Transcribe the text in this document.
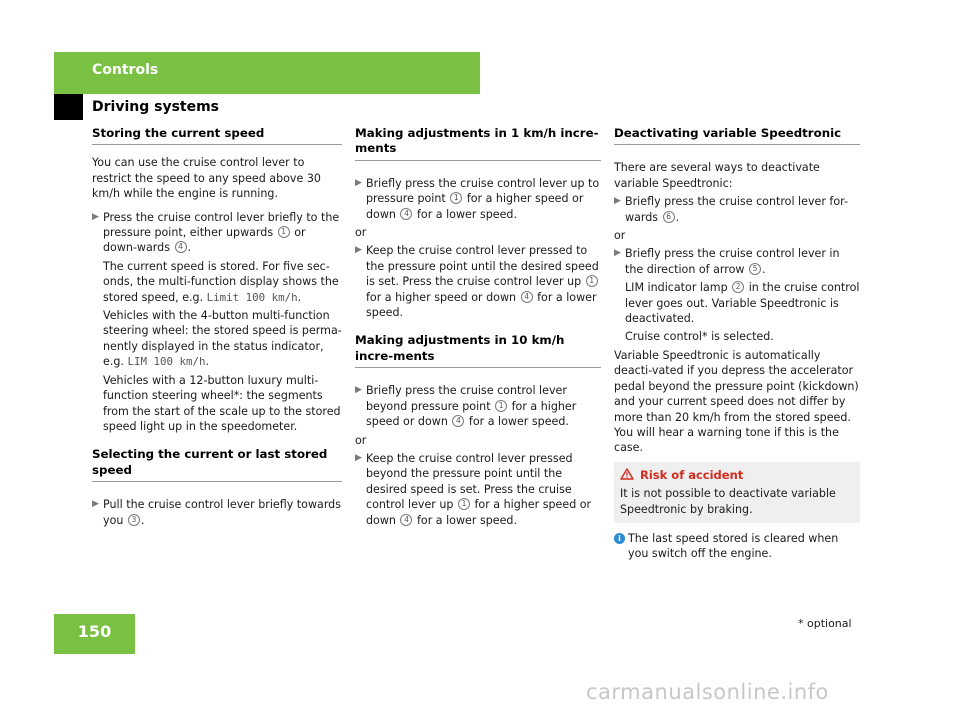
Controls
Driving systems
Storing the current speed
You can use the cruise control lever to restrict the speed to any speed above 30 km/h while the engine is running.
▶ Press the cruise control lever briefly to the pressure point, either upwards 1 or down-wards 4 .
The current speed is stored. For five sec-onds, the multi-function display shows the stored speed, e.g. Limit 100 km/h.
Vehicles with the 4-button multi-function steering wheel: the stored speed is perma-nently displayed in the status indicator, e.g. LIM 100 km/h.
Vehicles with a 12-button luxury multi-function steering wheel*: the segments from the start of the scale up to the stored speed light up in the speedometer.
Selecting the current or last stored speed
▶ Pull the cruise control lever briefly towards you 3 .
Making adjustments in 1 km/h incre-ments
▶ Briefly press the cruise control lever up to pressure point 1 for a higher speed or down 4 for a lower speed.
or
▶ Keep the cruise control lever pressed to the pressure point until the desired speed is set. Press the cruise control lever up 1 for a higher speed or down 4 for a lower speed.
Making adjustments in 10 km/h incre-ments
▶ Briefly press the cruise control lever beyond pressure point 1 for a higher speed or down 4 for a lower speed.
or
▶ Keep the cruise control lever pressed beyond the pressure point until the desired speed is set. Press the cruise control lever up 1 for a higher speed or down 4 for a lower speed.
Deactivating variable Speedtronic
There are several ways to deactivate variable Speedtronic:
▶ Briefly press the cruise control lever for-wards 6 .
or
▶ Briefly press the cruise control lever in the direction of arrow 5 .
LIM indicator lamp 2 in the cruise control lever goes out. Variable Speedtronic is deactivated.
Cruise control* is selected.
Variable Speedtronic is automatically deacti-vated if you depress the accelerator pedal beyond the pressure point (kickdown) and your current speed does not differ by more than 20 km/h from the stored speed. You will hear a warning tone if this is the case.
Risk of accident
It is not possible to deactivate variable Speedtronic by braking.
i The last speed stored is cleared when you switch off the engine.
150	* optional
carmanualsonline.info
